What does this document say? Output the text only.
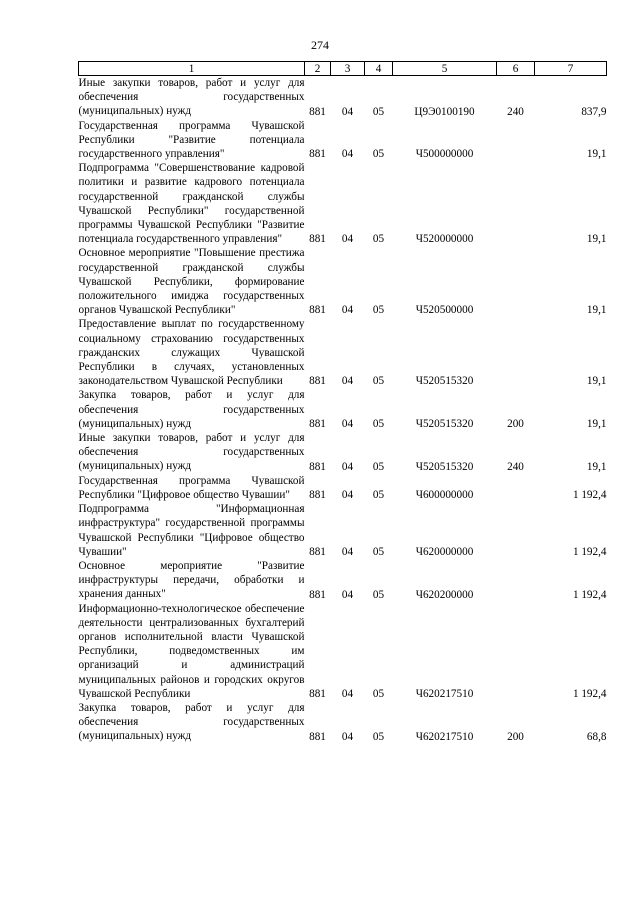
274
1	2	3	4	5	6	7
Иные закупки товаров, работ и услуг для обеспечения государственных (муниципальных) нужд	881	04	05	Ц9Э0100190	240	837,9
Государственная программа Чувашской Республики "Развитие потенциала государственного управления"	881	04	05	Ч500000000		19,1
Подпрограмма "Совершенствование кадровой политики и развитие кадрового потенциала государственной гражданской службы Чувашской Республики" государственной программы Чувашской Республики "Развитие потенциала государственного управления"	881	04	05	Ч520000000		19,1
Основное мероприятие "Повышение престижа государственной гражданской службы Чувашской Республики, формирование положительного имиджа государственных органов Чувашской Республики"	881	04	05	Ч520500000		19,1
Предоставление выплат по государственному социальному страхованию государственных гражданских служащих Чувашской Республики в случаях, установленных законодательством Чувашской Республики	881	04	05	Ч520515320		19,1
Закупка товаров, работ и услуг для обеспечения государственных (муниципальных) нужд	881	04	05	Ч520515320	200	19,1
Иные закупки товаров, работ и услуг для обеспечения государственных (муниципальных) нужд	881	04	05	Ч520515320	240	19,1
Государственная программа Чувашской Республики "Цифровое общество Чувашии"	881	04	05	Ч600000000		1 192,4
Подпрограмма "Информационная инфраструктура" государственной программы Чувашской Республики "Цифровое общество Чувашии"	881	04	05	Ч620000000		1 192,4
Основное мероприятие "Развитие инфраструктуры передачи, обработки и хранения данных"	881	04	05	Ч620200000		1 192,4
Информационно-технологическое обеспечение деятельности централизованных бухгалтерий органов исполнительной власти Чувашской Республики, подведомственных им организаций и администраций муниципальных районов и городских округов Чувашской Республики	881	04	05	Ч620217510		1 192,4
Закупка товаров, работ и услуг для обеспечения государственных (муниципальных) нужд	881	04	05	Ч620217510	200	68,8
